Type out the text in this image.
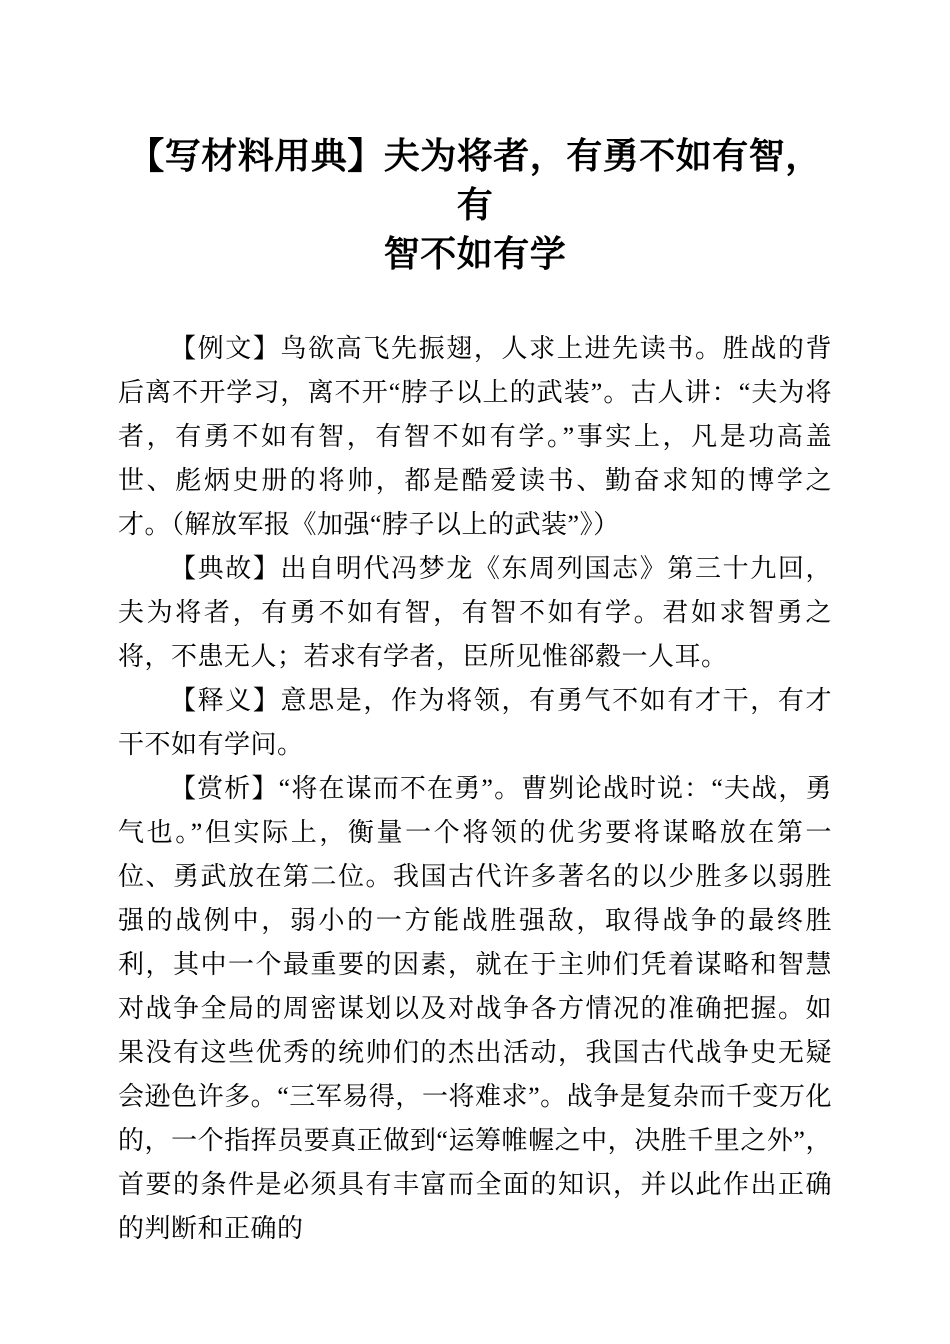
【写材料用典】夫为将者，有勇不如有智，有
智不如有学

【例文】鸟欲高飞先振翅，人求上进先读书。胜战的背后离不开学习，离不开“脖子以上的武装”。古人讲：“夫为将者，有勇不如有智，有智不如有学。”事实上，凡是功高盖世、彪炳史册的将帅，都是酷爱读书、勤奋求知的博学之才。（解放军报《加强“脖子以上的武装”》）

【典故】出自明代冯梦龙《东周列国志》第三十九回，夫为将者，有勇不如有智，有智不如有学。君如求智勇之将，不患无人；若求有学者，臣所见惟郤縠一人耳。

【释义】意思是，作为将领，有勇气不如有才干，有才干不如有学问。

【赏析】“将在谋而不在勇”。曹刿论战时说：“夫战，勇气也。”但实际上，衡量一个将领的优劣要将谋略放在第一位、勇武放在第二位。我国古代许多著名的以少胜多以弱胜强的战例中，弱小的一方能战胜强敌，取得战争的最终胜利，其中一个最重要的因素，就在于主帅们凭着谋略和智慧对战争全局的周密谋划以及对战争各方情况的准确把握。如果没有这些优秀的统帅们的杰出活动，我国古代战争史无疑会逊色许多。“三军易得，一将难求”。战争是复杂而千变万化的，一个指挥员要真正做到“运筹帷幄之中，决胜千里之外”，首要的条件是必须具有丰富而全面的知识，并以此作出正确的判断和正确的
